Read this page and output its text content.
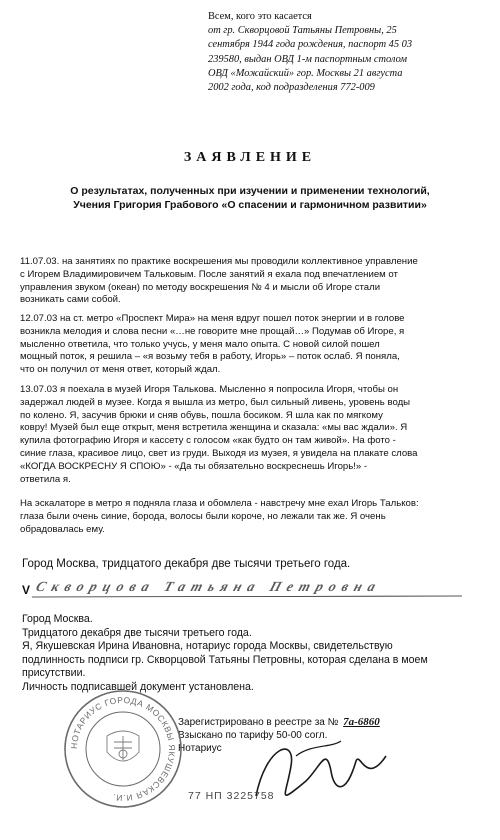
Всем, кого это касается
от гр. Скворцовой Татьяны Петровны, 25
сентября 1944 года рождения, паспорт 45 03
239580, выдан ОВД 1-м паспортным столом
ОВД «Можайский» гор. Москвы 21 августа
2002 года, код подразделения 772-009
ЗАЯВЛЕНИЕ
О результатах, полученных при изучении и применении технологий,
Учения Григория Грабового «О спасении и гармоничном развитии»
11.07.03. на занятиях по практике воскрешения мы проводили коллективное управление
с Игорем Владимировичем Тальковым. После занятий я ехала под впечатлением от
управления звуком (океан) по методу воскрешения № 4 и мысли об Игоре стали
возникать сами собой.
12.07.03 на ст. метро «Проспект Мира» на меня вдруг пошел поток энергии и в голове
возникла мелодия и слова песни «…не говорите мне прощай…» Подумав об Игоре, я
мысленно ответила, что только учусь, у меня мало опыта. С новой силой пошел
мощный поток, я решила – «я возьму тебя в работу, Игорь» – поток ослаб. Я поняла,
что он получил от меня ответ, который ждал.
13.07.03 я поехала в музей Игоря Талькова. Мысленно я попросила Игоря, чтобы он
задержал людей в музее. Когда я вышла из метро, был сильный ливень, уровень воды
по колено. Я, засучив брюки и сняв обувь, пошла босиком. Я шла как по мягкому
ковру! Музей был еще открыт, меня встретила женщина и сказала: «мы вас ждали». Я
купила фотографию Игоря и кассету с голосом «как будто он там живой». На фото -
синие глаза, красивое лицо, свет из груди. Выходя из музея, я увидела на плакате слова
«КОГДА ВОСКРЕСНУ Я СПОЮ» - «Да ты обязательно воскреснешь Игорь!» -
ответила я.
На эскалаторе в метро я подняла глаза и обомлела - навстречу мне ехал Игорь Тальков:
глаза были очень синие, борода, волосы были короче, но лежали так же. Я очень
обрадовалась ему.
Город Москва, тридцатого декабря две тысячи третьего года.
V Скворцова Татьяна Петровна
Город Москва.
Тридцатого декабря две тысячи третьего года.
Я, Якушевская Ирина Ивановна, нотариус города Москвы, свидетельствую
подлинность подписи гр. Скворцовой Татьяны Петровны, которая сделана в моем
присутствии.
Личность подписавшей документ установлена.
Зарегистрировано в реестре за № 7а-6860
Взыскано по тарифу 50-00 согл.
Нотариус
НОТАРИУС ГОРОДА МОСКВЫ ЯКУШЕВСКАЯ И.И.	77 НП 3225758
